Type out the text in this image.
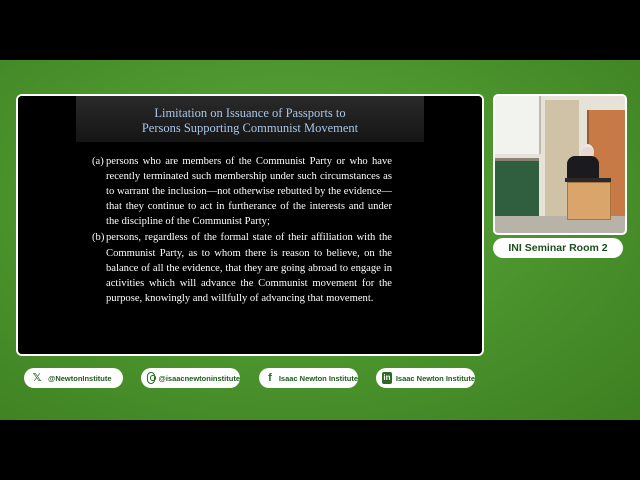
Limitation on Issuance of Passports to
Persons Supporting Communist Movement

(a) persons who are members of the Communist Party or who have recently terminated such membership under such circumstances as to warrant the inclusion—not otherwise rebutted by the evidence—that they continue to act in furtherance of the interests and under the discipline of the Communist Party;

(b) persons, regardless of the formal state of their affiliation with the Communist Party, as to whom there is reason to believe, on the balance of all the evidence, that they are going abroad to engage in activities which will advance the Communist movement for the purpose, knowingly and willfully of advancing that movement.

INI Seminar Room 2
𝕏 @NewtonInstitute	@isaacnewtoninstitute	f Isaac Newton Institute	in Isaac Newton Institute
